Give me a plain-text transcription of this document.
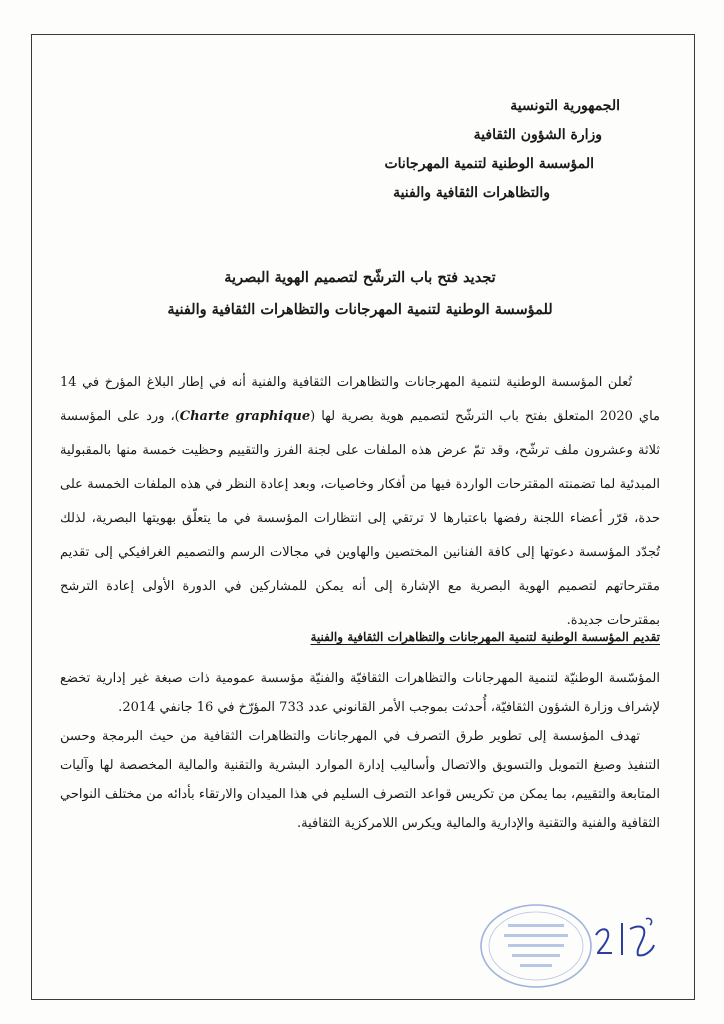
الجمهورية التونسية
وزارة الشؤون الثقافية
المؤسسة الوطنية لتنمية المهرجانات
والتظاهرات الثقافية والفنية
تجديد فتح باب الترشّح لتصميم الهوية البصرية
للمؤسسة الوطنية لتنمية المهرجانات والتظاهرات الثقافية والفنية
تُعلن المؤسسة الوطنية لتنمية المهرجانات والتظاهرات الثقافية والفنية أنه في إطار البلاغ المؤرخ في 14 ماي 2020 المتعلق بفتح باب الترشّح لتصميم هوية بصرية لها (Charte graphique)، ورد على المؤسسة ثلاثة وعشرون ملف ترشّح، وقد تمّ عرض هذه الملفات على لجنة الفرز والتقييم وحظيت خمسة منها بالمقبولية المبدئية لما تضمنته المقترحات الواردة فيها من أفكار وخاصيات، وبعد إعادة النظر في هذه الملفات الخمسة على حدة، قرّر أعضاء اللجنة رفضها باعتبارها لا ترتقي إلى انتظارات المؤسسة في ما يتعلّق بهويتها البصرية، لذلك تُجدّد المؤسسة دعوتها إلى كافة الفنانين المختصين والهاوين في مجالات الرسم والتصميم الغرافيكي إلى تقديم مقترحاتهم لتصميم الهوية البصرية مع الإشارة إلى أنه يمكن للمشاركين في الدورة الأولى إعادة الترشح بمقترحات جديدة.
تقديم المؤسسة الوطنية لتنمية المهرجانات والتظاهرات الثقافية والفنية
المؤسّسة الوطنيّة لتنمية المهرجانات والتظاهرات الثقافيّة والفنيّة مؤسسة عمومية ذات صبغة غير إدارية تخضع لإشراف وزارة الشؤون الثقافيّة، أُحدثت بموجب الأمر القانوني عدد 733 المؤرّخ في 16 جانفي 2014.
تهدف المؤسسة إلى تطوير طرق التصرف في المهرجانات والتظاهرات الثقافية من حيث البرمجة وحسن التنفيذ وصيغ التمويل والتسويق والاتصال وأساليب إدارة الموارد البشرية والتقنية والمالية المخصصة لها وآليات المتابعة والتقييم، بما يمكن من تكريس قواعد التصرف السليم في هذا الميدان والارتقاء بأدائه من مختلف النواحي الثقافية والفنية والتقنية والإدارية والمالية ويكرس اللامركزية الثقافية.
